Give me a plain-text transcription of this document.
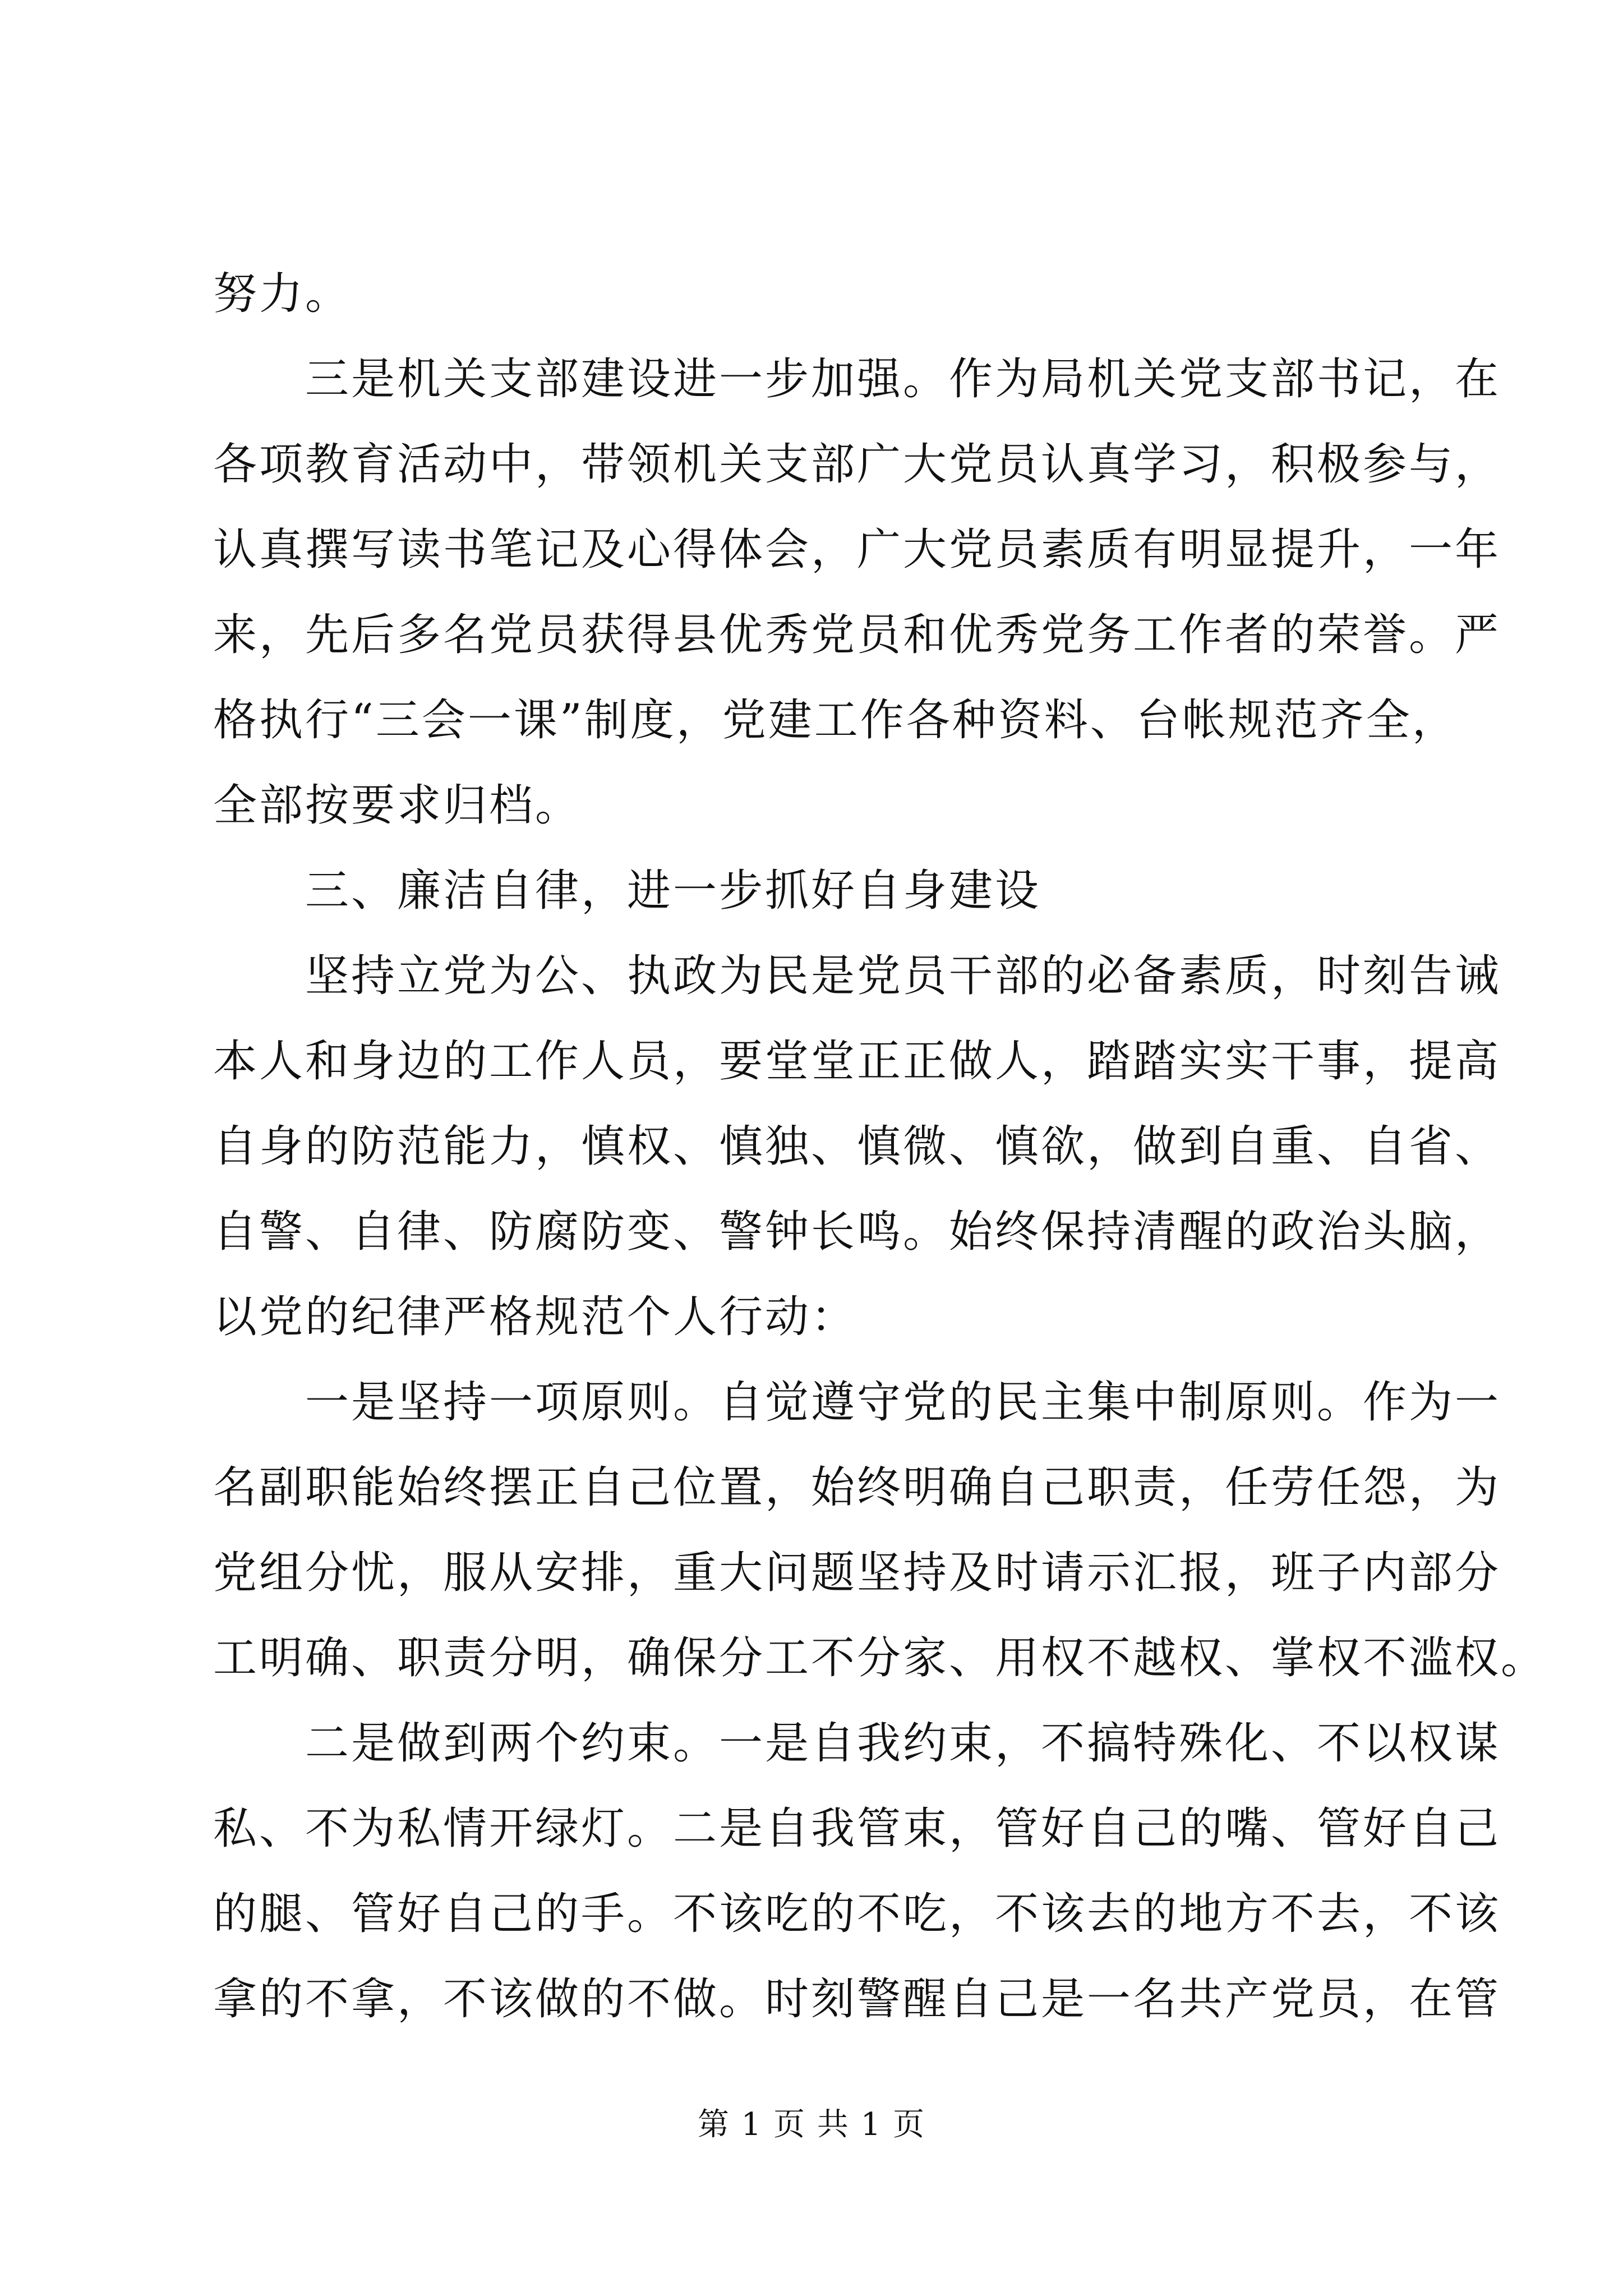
努力。
三是机关支部建设进一步加强。作为局机关党支部书记，在
各项教育活动中，带领机关支部广大党员认真学习，积极参与，
认真撰写读书笔记及心得体会，广大党员素质有明显提升，一年
来，先后多名党员获得县优秀党员和优秀党务工作者的荣誉。严
格执行“三会一课”制度，党建工作各种资料、台帐规范齐全，
全部按要求归档。
三、廉洁自律，进一步抓好自身建设
坚持立党为公、执政为民是党员干部的必备素质，时刻告诫
本人和身边的工作人员，要堂堂正正做人，踏踏实实干事，提高
自身的防范能力，慎权、慎独、慎微、慎欲，做到自重、自省、
自警、自律、防腐防变、警钟长鸣。始终保持清醒的政治头脑，
以党的纪律严格规范个人行动：
一是坚持一项原则。自觉遵守党的民主集中制原则。作为一
名副职能始终摆正自己位置，始终明确自己职责，任劳任怨，为
党组分忧，服从安排，重大问题坚持及时请示汇报，班子内部分
工明确、职责分明，确保分工不分家、用权不越权、掌权不滥权。
二是做到两个约束。一是自我约束，不搞特殊化、不以权谋
私、不为私情开绿灯。二是自我管束，管好自己的嘴、管好自己
的腿、管好自己的手。不该吃的不吃，不该去的地方不去，不该
拿的不拿，不该做的不做。时刻警醒自己是一名共产党员，在管
第 1 页 共 1 页
